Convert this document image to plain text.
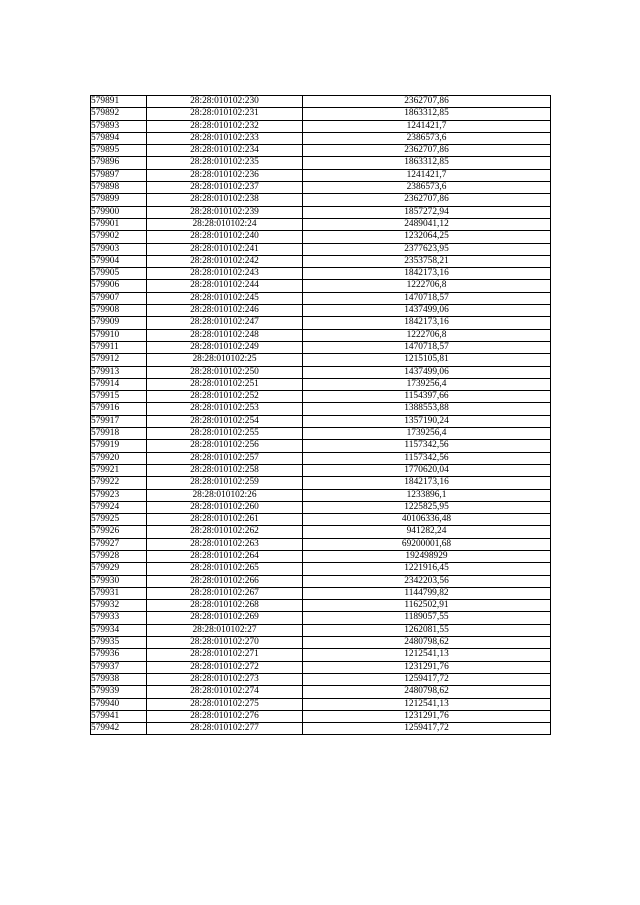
579891	28:28:010102:230	2362707,86
579892	28:28:010102:231	1863312,85
579893	28:28:010102:232	1241421,7
579894	28:28:010102:233	2386573,6
579895	28:28:010102:234	2362707,86
579896	28:28:010102:235	1863312,85
579897	28:28:010102:236	1241421,7
579898	28:28:010102:237	2386573,6
579899	28:28:010102:238	2362707,86
579900	28:28:010102:239	1857272,94
579901	28:28:010102:24	2489041,12
579902	28:28:010102:240	1232064,25
579903	28:28:010102:241	2377623,95
579904	28:28:010102:242	2353758,21
579905	28:28:010102:243	1842173,16
579906	28:28:010102:244	1222706,8
579907	28:28:010102:245	1470718,57
579908	28:28:010102:246	1437499,06
579909	28:28:010102:247	1842173,16
579910	28:28:010102:248	1222706,8
579911	28:28:010102:249	1470718,57
579912	28:28:010102:25	1215105,81
579913	28:28:010102:250	1437499,06
579914	28:28:010102:251	1739256,4
579915	28:28:010102:252	1154397,66
579916	28:28:010102:253	1388553,88
579917	28:28:010102:254	1357190,24
579918	28:28:010102:255	1739256,4
579919	28:28:010102:256	1157342,56
579920	28:28:010102:257	1157342,56
579921	28:28:010102:258	1770620,04
579922	28:28:010102:259	1842173,16
579923	28:28:010102:26	1233896,1
579924	28:28:010102:260	1225825,95
579925	28:28:010102:261	40106336,48
579926	28:28:010102:262	941282,24
579927	28:28:010102:263	69200001,68
579928	28:28:010102:264	192498929
579929	28:28:010102:265	1221916,45
579930	28:28:010102:266	2342203,56
579931	28:28:010102:267	1144799,82
579932	28:28:010102:268	1162502,91
579933	28:28:010102:269	1189057,55
579934	28:28:010102:27	1262081,55
579935	28:28:010102:270	2480798,62
579936	28:28:010102:271	1212541,13
579937	28:28:010102:272	1231291,76
579938	28:28:010102:273	1259417,72
579939	28:28:010102:274	2480798,62
579940	28:28:010102:275	1212541,13
579941	28:28:010102:276	1231291,76
579942	28:28:010102:277	1259417,72
